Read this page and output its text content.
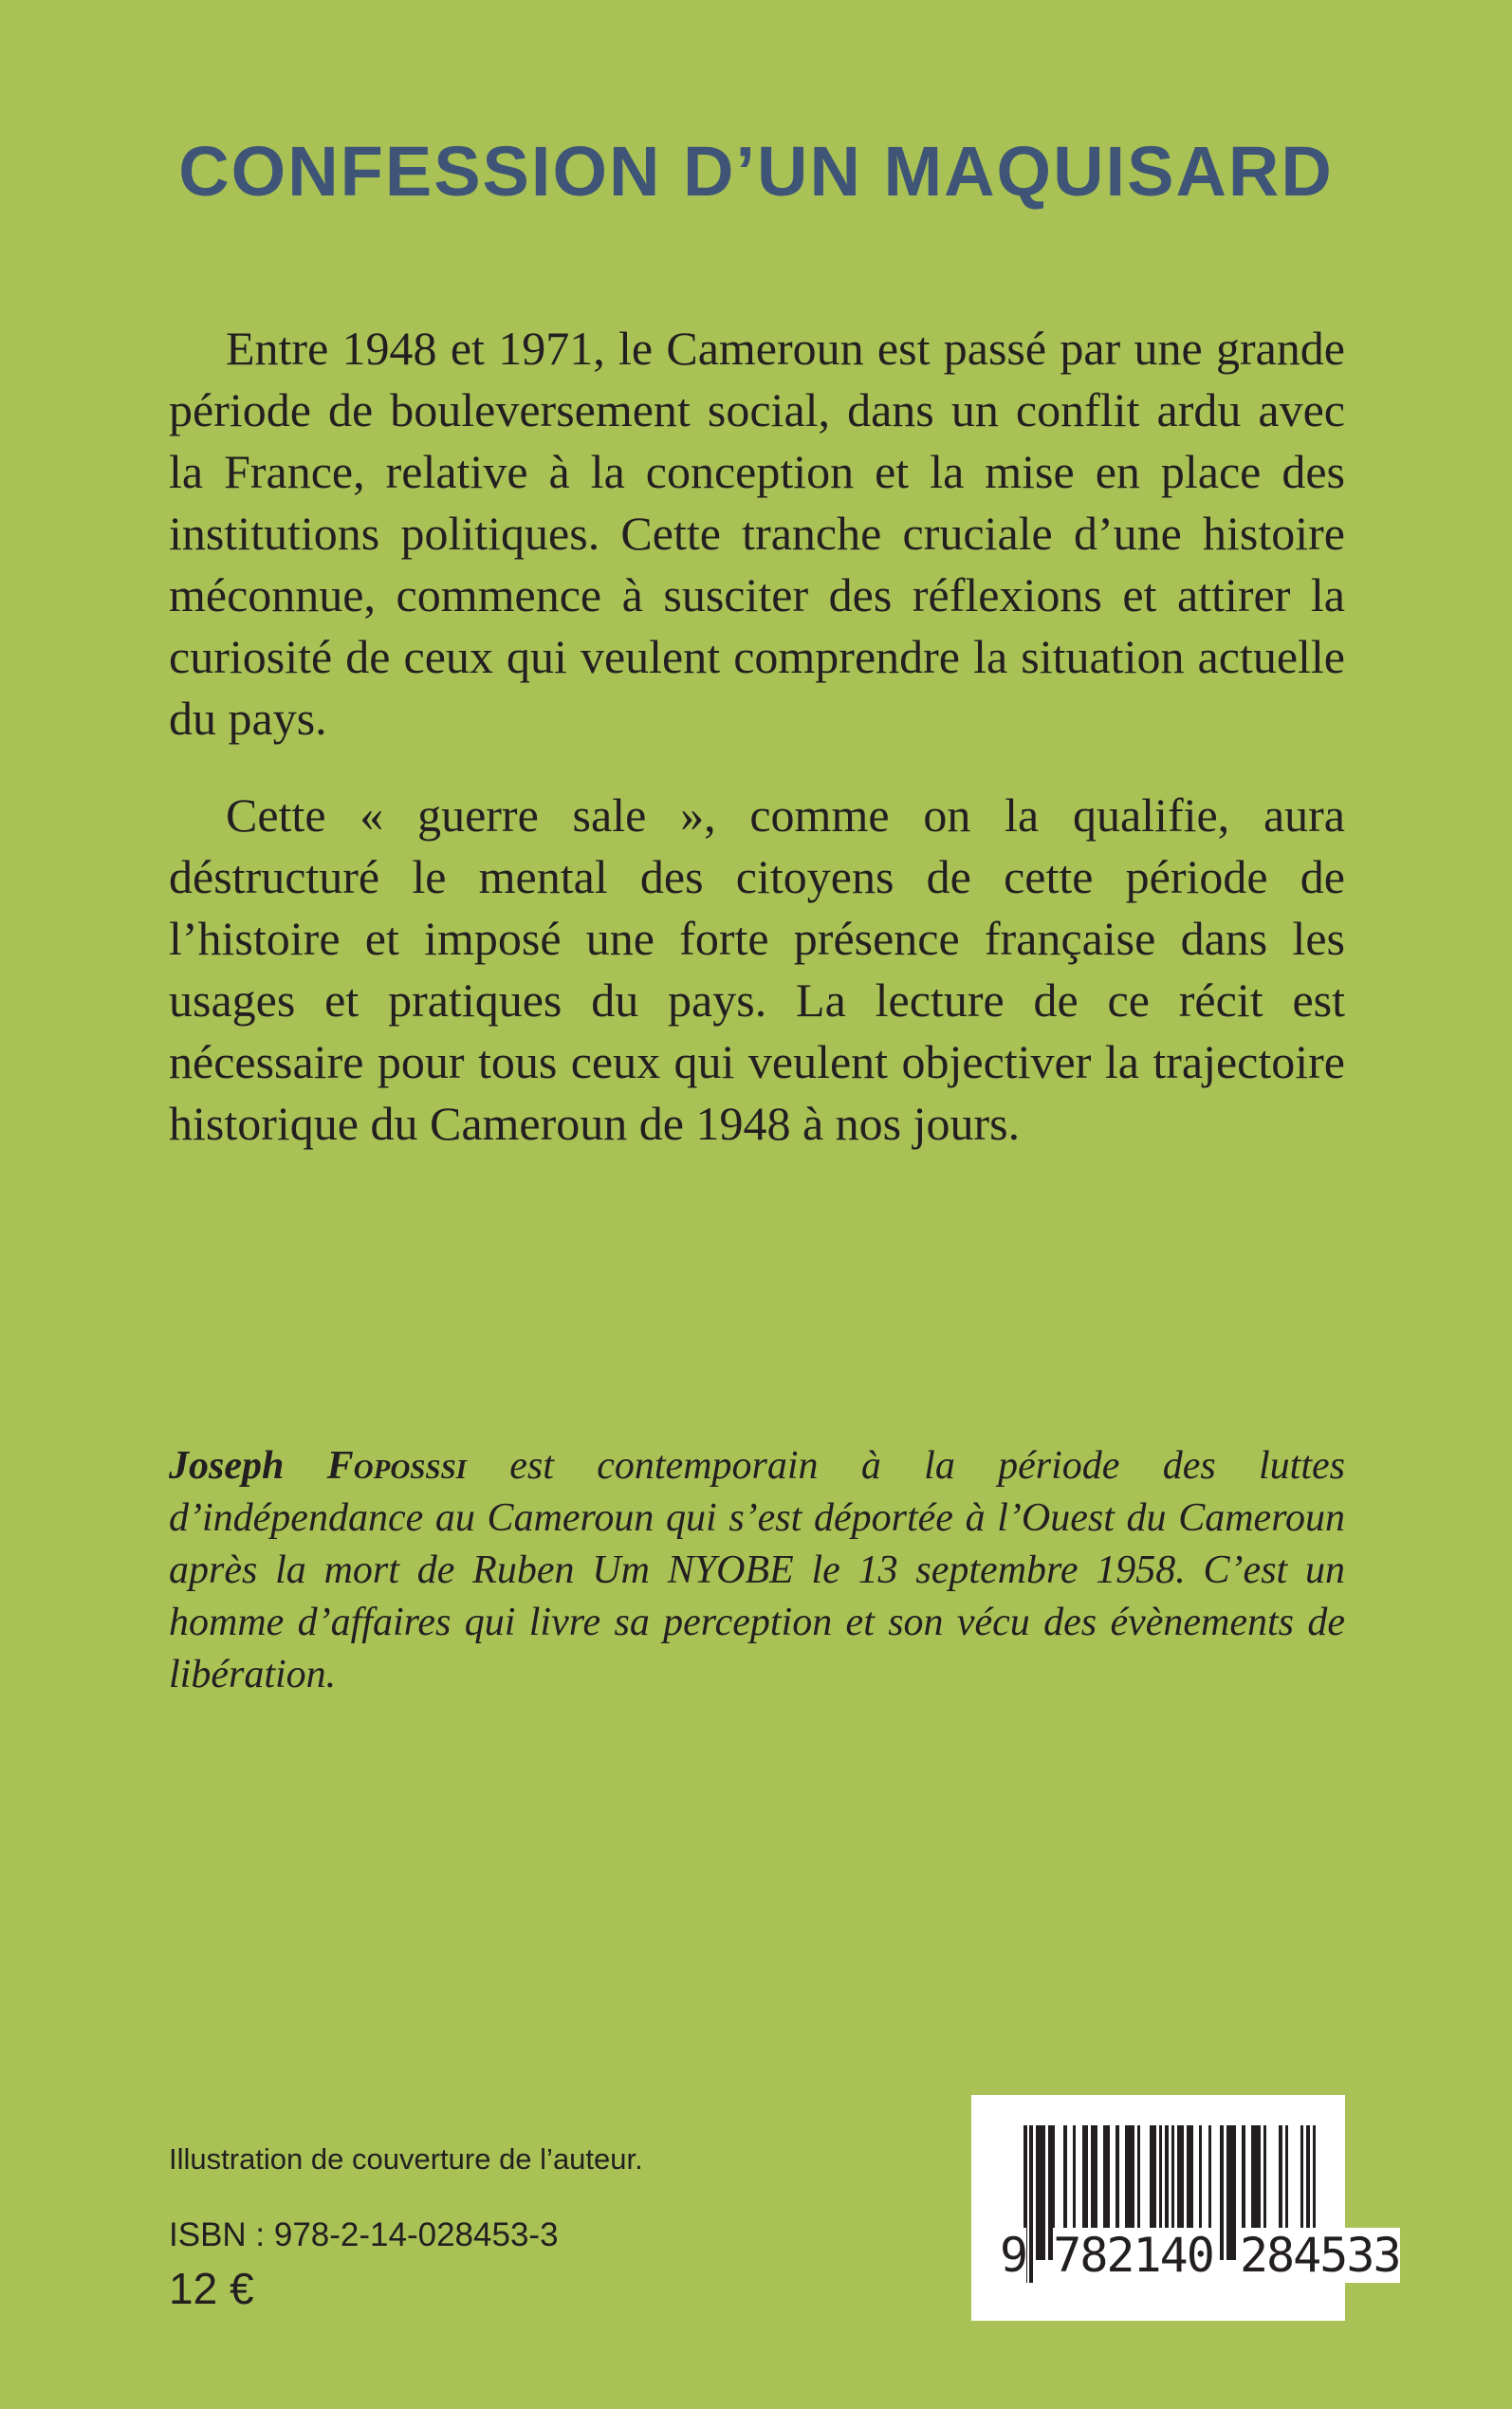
CONFESSION D’UN MAQUISARD

Entre 1948 et 1971, le Cameroun est passé par une grande période de bouleversement social, dans un conflit ardu avec la France, relative à la conception et la mise en place des institutions politiques. Cette tranche cruciale d’une histoire méconnue, commence à susciter des réflexions et attirer la curiosité de ceux qui veulent comprendre la situation actuelle du pays.

Cette « guerre sale », comme on la qualifie, aura déstructuré le mental des citoyens de cette période de l’histoire et imposé une forte présence française dans les usages et pratiques du pays. La lecture de ce récit est nécessaire pour tous ceux qui veulent objectiver la trajectoire historique du Cameroun de 1948 à nos jours.

Joseph Foposssi est contemporain à la période des luttes d’indépendance au Cameroun qui s’est déportée à l’Ouest du Cameroun après la mort de Ruben Um NYOBE le 13 septembre 1958. C’est un homme d’affaires qui livre sa perception et son vécu des évènements de libération.
Illustration de couverture de l’auteur.
ISBN : 978-2-14-028453-3
12 €
9 782140 284533
